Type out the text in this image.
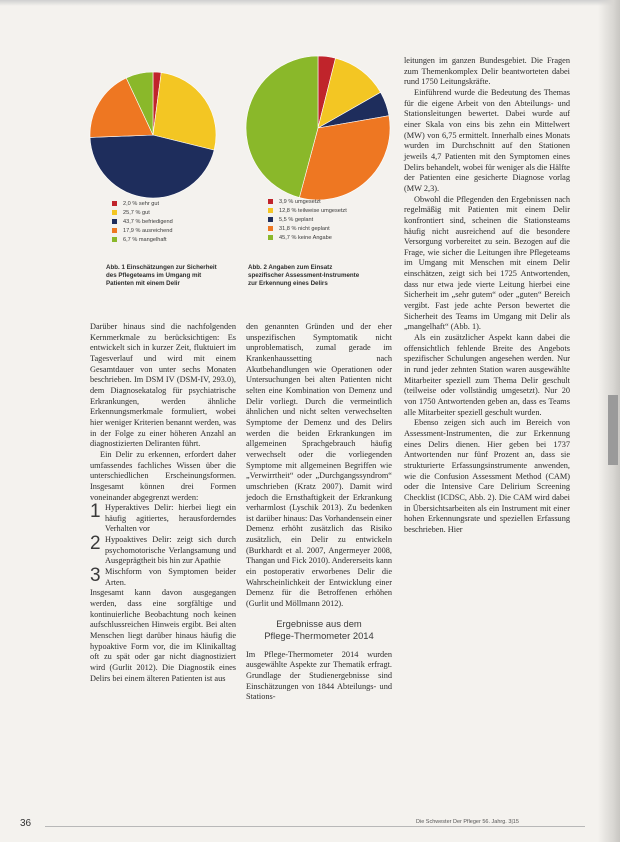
2,0 % sehr gut
25,7 % gut
43,7 % befriedigend
17,9 % ausreichend
6,7 % mangelhaft
Abb. 1 Einschätzungen zur Sicherheit
des Pflegeteams im Umgang mit
Patienten mit einem Delir
3,9 % umgesetzt
12,8 % teilweise umgesetzt
5,5 % geplant
31,8 % nicht geplant
45,7 % keine Angabe
Abb. 2 Angaben zum Einsatz
spezifischer Assessment-Instrumente
zur Erkennung eines Delirs

Darüber hinaus sind die nachfolgenden Kernmerkmale zu berücksichtigen: Es entwickelt sich in kurzer Zeit, fluktuiert im Tagesverlauf und wird mit einem Gesamtdauer von unter sechs Monaten beschrieben. Im DSM IV (DSM-IV, 293.0), dem Diagnosekatalog für psychiatrische Erkrankungen, werden ähnliche Erkennungsmerkmale formuliert, wobei hier weniger Kriterien benannt werden, was in der Folge zu einer höheren Anzahl an diagnostizierten Deliranten führt.

Ein Delir zu erkennen, erfordert daher umfassendes fachliches Wissen über die unterschiedlichen Erscheinungsformen. Insgesamt können drei Formen voneinander abgegrenzt werden:

1 Hyperaktives Delir: hierbei liegt ein häufig agitiertes, herausforderndes Verhalten vor
2 Hypoaktives Delir: zeigt sich durch psychomotorische Verlangsamung und Ausgeprägtheit bis hin zur Apathie
3 Mischform von Symptomen beider Arten.

Insgesamt kann davon ausgegangen werden, dass eine sorgfältige und kontinuierliche Beobachtung noch keinen aufschlussreichen Hinweis ergibt. Bei alten Menschen liegt darüber hinaus häufig die hypoaktive Form vor, die im Klinikalltag oft zu spät oder gar nicht diagnostiziert wird (Gurlit 2012). Die Diagnostik eines Delirs bei einem älteren Patienten ist aus

den genannten Gründen und der eher unspezifischen Symptomatik nicht unproblematisch, zumal gerade im Krankenhaussetting nach Akutbehandlungen wie Operationen oder Untersuchungen bei alten Patienten nicht selten eine Kombination von Demenz und Delir vorliegt. Durch die vermeintlich ähnlichen und nicht selten verwechselten Symptome der Demenz und des Delirs werden die beiden Erkrankungen im allgemeinen Sprachgebrauch häufig verwechselt oder die vorliegenden Symptome mit allgemeinen Begriffen wie „Verwirrtheit“ oder „Durchgangssyndrom“ umschrieben (Kratz 2007). Damit wird jedoch die Ernsthaftigkeit der Erkrankung verharmlost (Lyschik 2013). Zu bedenken ist darüber hinaus: Das Vorhandensein einer Demenz erhöht zusätzlich das Risiko zusätzlich, ein Delir zu entwickeln (Burkhardt et al. 2007, Angermeyer 2008, Thangan und Fick 2010). Andererseits kann ein postoperativ erworbenes Delir die Wahrscheinlichkeit der Entwicklung einer Demenz für die Betroffenen erhöhen (Gurlit und Möllmann 2012).

Ergebnisse aus dem
Pflege-Thermometer 2014

Im Pflege-Thermometer 2014 wurden ausgewählte Aspekte zur Thematik erfragt. Grundlage der Studienergebnisse sind Einschätzungen von 1844 Abteilungs- und Stations-

leitungen im ganzen Bundesgebiet. Die Fragen zum Themenkomplex Delir beantworteten dabei rund 1750 Leitungskräfte.

Einführend wurde die Bedeutung des Themas für die eigene Arbeit von den Abteilungs- und Stationsleitungen bewertet. Dabei wurde auf einer Skala von eins bis zehn ein Mittelwert (MW) von 6,75 ermittelt. Innerhalb eines Monats wurden im Durchschnitt auf den Stationen jeweils 4,7 Patienten mit den Symptomen eines Delirs behandelt, wobei für weniger als die Hälfte der Patienten eine gesicherte Diagnose vorlag (MW 2,3).

Obwohl die Pflegenden den Ergebnissen nach regelmäßig mit Patienten mit einem Delir konfrontiert sind, scheinen die Stationsteams häufig nicht ausreichend auf die besondere Versorgung vorbereitet zu sein. Bezogen auf die Frage, wie sicher die Leitungen ihre Pflegeteams im Umgang mit Menschen mit einem Delir einschätzen, zeigt sich bei 1725 Antwortenden, dass nur etwa jede vierte Leitung hierbei eine Sicherheit im „sehr gutem“ oder „guten“ Bereich vergibt. Fast jede achte Person bewertet die Sicherheit des Teams im Umgang mit Delir als „mangelhaft“ (Abb. 1).

Als ein zusätzlicher Aspekt kann dabei die offensichtlich fehlende Breite des Angebots spezifischer Schulungen angesehen werden. Nur in rund jeder zehnten Station waren ausgewählte Mitarbeiter speziell zum Thema Delir geschult (teilweise oder vollständig umgesetzt). Nur 20 von 1750 Antwortenden geben an, dass es Teams alle Mitarbeiter speziell geschult wurden.

Ebenso zeigen sich auch im Bereich von Assessment-Instrumenten, die zur Erkennung eines Delirs dienen. Hier geben bei 1737 Antwortenden nur fünf Prozent an, dass sie strukturierte Erfassungsinstrumente anwenden, wie die Confusion Assessment Method (CAM) oder die Intensive Care Delirium Screening Checklist (ICDSC, Abb. 2). Die CAM wird dabei in Übersichtsarbeiten als ein Instrument mit einer hohen Erkennungsrate und speziellen Erfassung beschrieben. Hier

36	Die Schwester Der Pfleger 56. Jahrg. 3|15
